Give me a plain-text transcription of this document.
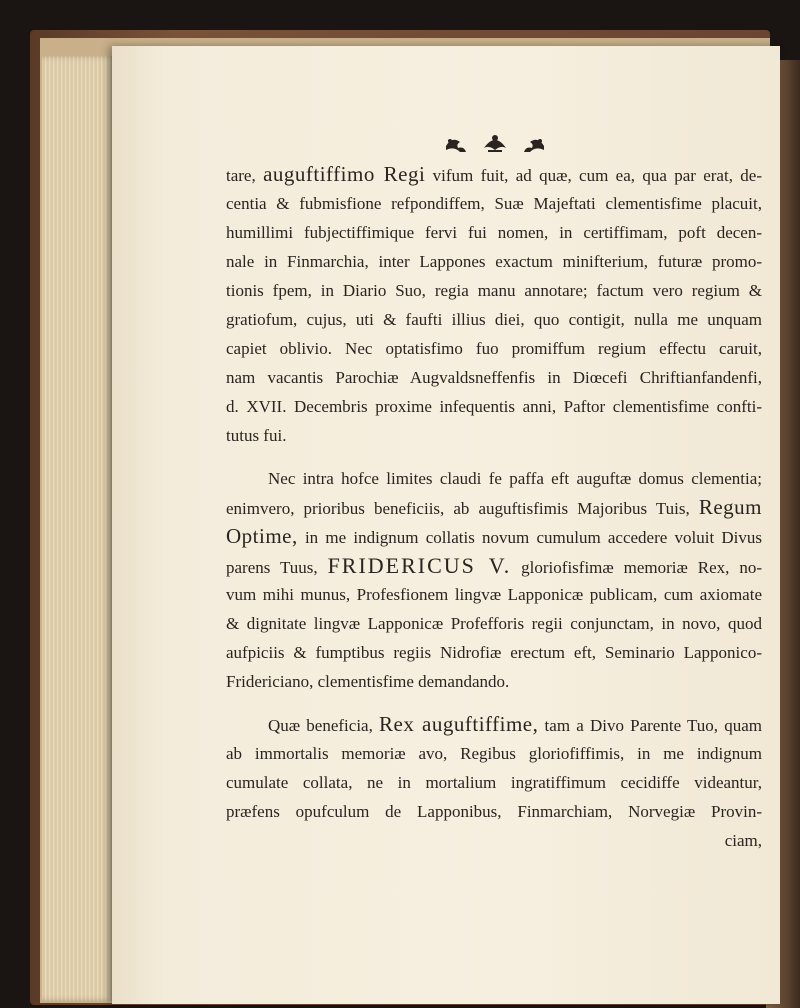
tare, auguftiffimo Regi vifum fuit, ad quæ, cum ea, qua par erat, de-
centia & fubmisfione refpondiffem, Suæ Majeftati clementisfime placuit,
humillimi fubjectiffimique fervi fui nomen, in certiffimam, poft decen-
nale in Finmarchia, inter Lappones exactum minifterium, futuræ promo-
tionis fpem, in Diario Suo, regia manu annotare; factum vero regium &
gratiofum, cujus, uti & faufti illius diei, quo contigit, nulla me unquam
capiet oblivio. Nec optatisfimo fuo promiffum regium effectu caruit,
nam vacantis Parochiæ Augvaldsneffenfis in Diœcefi Chriftianfandenfi,
d. XVII. Decembris proxime infequentis anni, Paftor clementisfime confti-
tutus fui.
Nec intra hofce limites claudi fe paffa eft auguftæ domus clementia;
enimvero, prioribus beneficiis, ab auguftisfimis Majoribus Tuis, Regum
Optime, in me indignum collatis novum cumulum accedere voluit Divus
parens Tuus, FRIDERICUS V. gloriofisfimæ memoriæ Rex, no-
vum mihi munus, Profesfionem lingvæ Lapponicæ publicam, cum axiomate
& dignitate lingvæ Lapponicæ Profefforis regii conjunctam, in novo, quod
aufpiciis & fumptibus regiis Nidrofiæ erectum eft, Seminario Lapponico-
Fridericiano, clementisfime demandando.
Quæ beneficia, Rex auguftiffime, tam a Divo Parente Tuo, quam
ab immortalis memoriæ avo, Regibus gloriofiffimis, in me indignum
cumulate collata, ne in mortalium ingratiffimum cecidiffe videantur,
præfens opufculum de Lapponibus, Finmarchiam, Norvegiæ Provin-
ciam,
